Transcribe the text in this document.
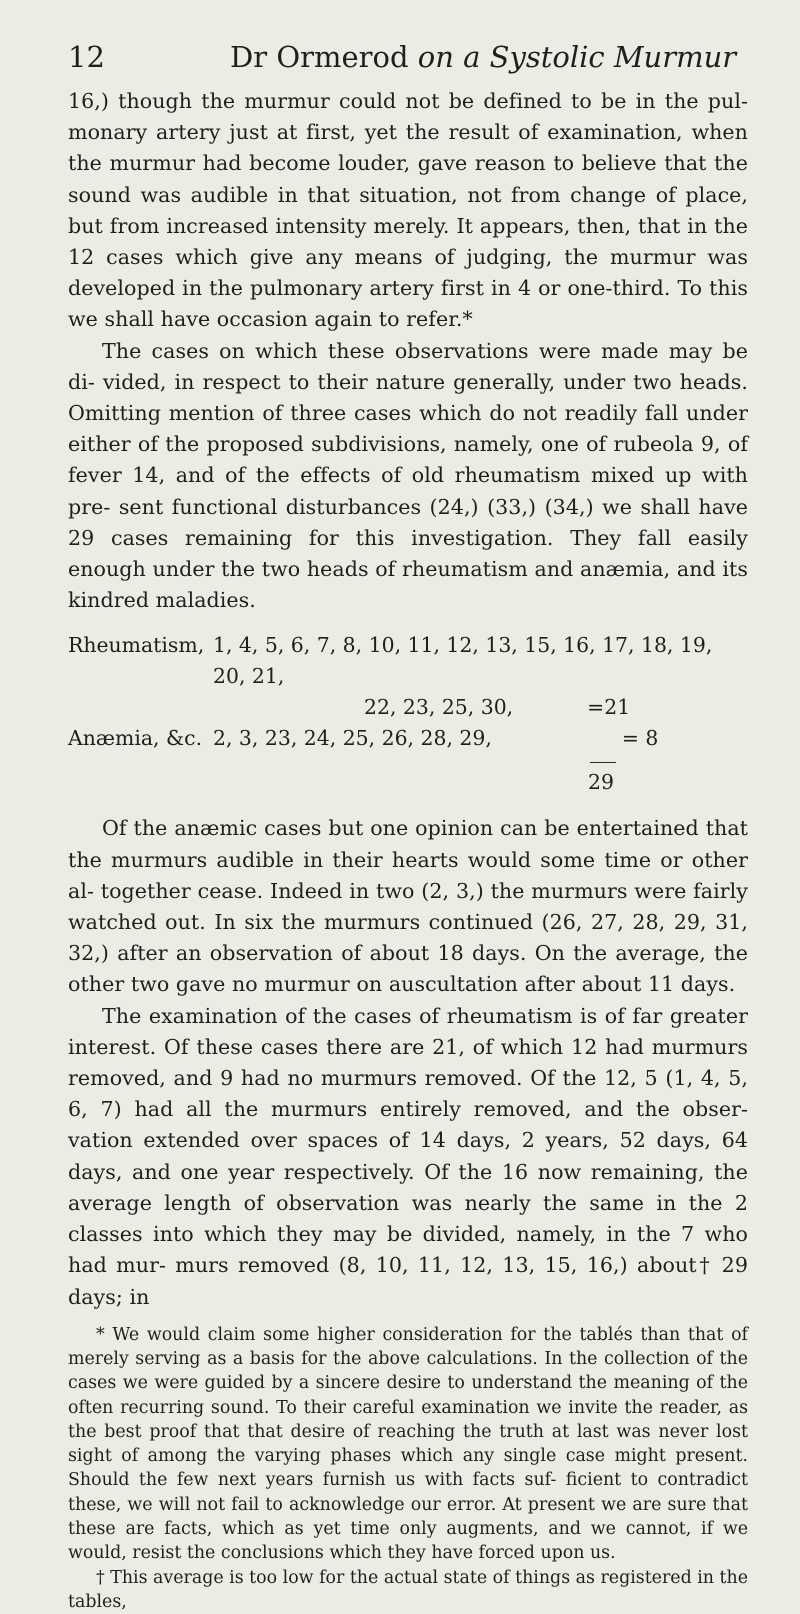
12	Dr Ormerod on a Systolic Murmur

16,) though the murmur could not be defined to be in the pul- monary artery just at first, yet the result of examination, when the murmur had become louder, gave reason to believe that the sound was audible in that situation, not from change of place, but from increased intensity merely. It appears, then, that in the 12 cases which give any means of judging, the murmur was developed in the pulmonary artery first in 4 or one-third. To this we shall have occasion again to refer.*

The cases on which these observations were made may be di- vided, in respect to their nature generally, under two heads. Omitting mention of three cases which do not readily fall under either of the proposed subdivisions, namely, one of rubeola 9, of fever 14, and of the effects of old rheumatism mixed up with pre- sent functional disturbances (24,) (33,) (34,) we shall have 29 cases remaining for this investigation. They fall easily enough under the two heads of rheumatism and anæmia, and its kindred maladies.

Rheumatism, 1, 4, 5, 6, 7, 8, 10, 11, 12, 13, 15, 16, 17, 18, 19, 20, 21,
22, 23, 25, 30,	=21
Anæmia, &c. 2, 3, 23, 24, 25, 26, 28, 29,	= 8
29

Of the anæmic cases but one opinion can be entertained that the murmurs audible in their hearts would some time or other al- together cease. Indeed in two (2, 3,) the murmurs were fairly watched out. In six the murmurs continued (26, 27, 28, 29, 31, 32,) after an observation of about 18 days. On the average, the other two gave no murmur on auscultation after about 11 days.

The examination of the cases of rheumatism is of far greater interest. Of these cases there are 21, of which 12 had murmurs removed, and 9 had no murmurs removed. Of the 12, 5 (1, 4, 5, 6, 7) had all the murmurs entirely removed, and the obser- vation extended over spaces of 14 days, 2 years, 52 days, 64 days, and one year respectively. Of the 16 now remaining, the average length of observation was nearly the same in the 2 classes into which they may be divided, namely, in the 7 who had mur- murs removed (8, 10, 11, 12, 13, 15, 16,) about† 29 days; in

* We would claim some higher consideration for the tablés than that of merely serving as a basis for the above calculations. In the collection of the cases we were guided by a sincere desire to understand the meaning of the often recurring sound. To their careful examination we invite the reader, as the best proof that that desire of reaching the truth at last was never lost sight of among the varying phases which any single case might present. Should the few next years furnish us with facts suf- ficient to contradict these, we will not fail to acknowledge our error. At present we are sure that these are facts, which as yet time only augments, and we cannot, if we would, resist the conclusions which they have forced upon us.

† This average is too low for the actual state of things as registered in the tables,
